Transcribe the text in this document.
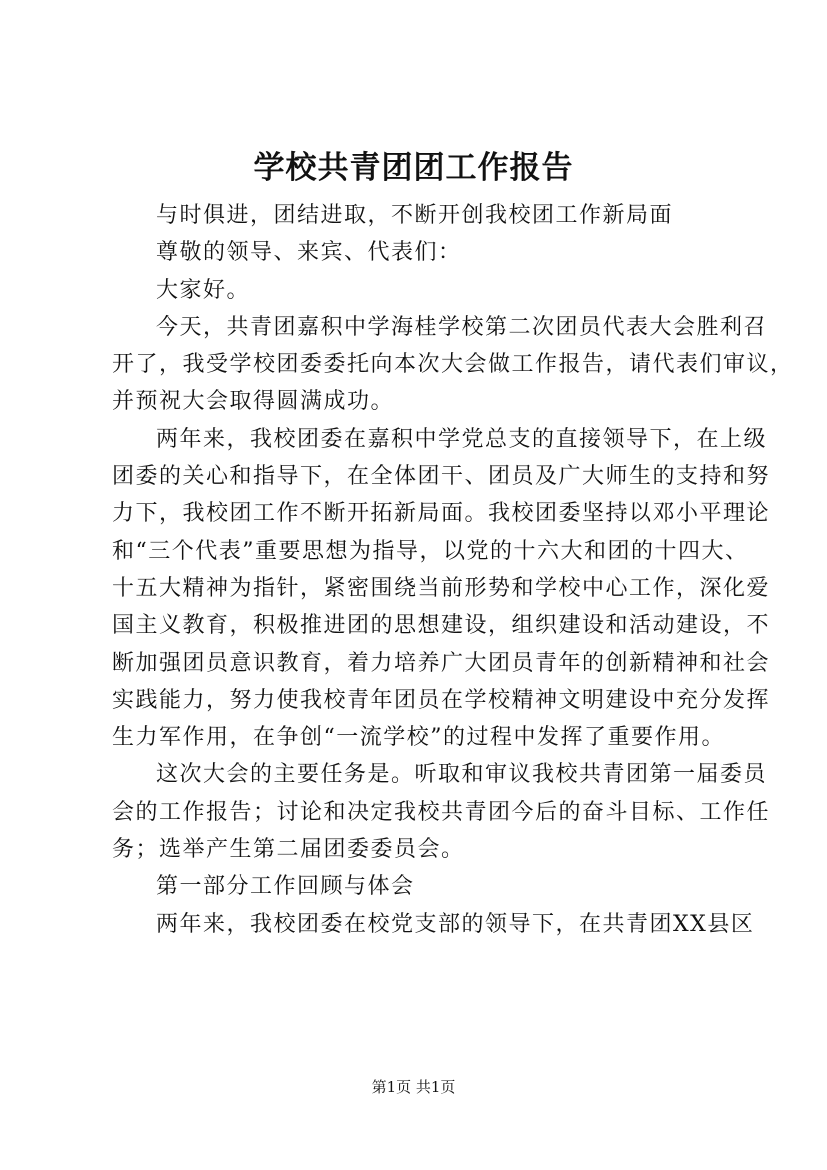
学校共青团团工作报告
与时俱进，团结进取，不断开创我校团工作新局面
尊敬的领导、来宾、代表们：
大家好。
今天，共青团嘉积中学海桂学校第二次团员代表大会胜利召
开了，我受学校团委委托向本次大会做工作报告，请代表们审议，
并预祝大会取得圆满成功。
两年来，我校团委在嘉积中学党总支的直接领导下，在上级
团委的关心和指导下，在全体团干、团员及广大师生的支持和努
力下，我校团工作不断开拓新局面。我校团委坚持以邓小平理论
和“三个代表”重要思想为指导，以党的十六大和团的十四大、
十五大精神为指针，紧密围绕当前形势和学校中心工作，深化爱
国主义教育，积极推进团的思想建设，组织建设和活动建设，不
断加强团员意识教育，着力培养广大团员青年的创新精神和社会
实践能力，努力使我校青年团员在学校精神文明建设中充分发挥
生力军作用，在争创“一流学校”的过程中发挥了重要作用。
这次大会的主要任务是。听取和审议我校共青团第一届委员
会的工作报告；讨论和决定我校共青团今后的奋斗目标、工作任
务；选举产生第二届团委委员会。
第一部分工作回顾与体会
两年来，我校团委在校党支部的领导下，在共青团XX县区
第1页 共1页
